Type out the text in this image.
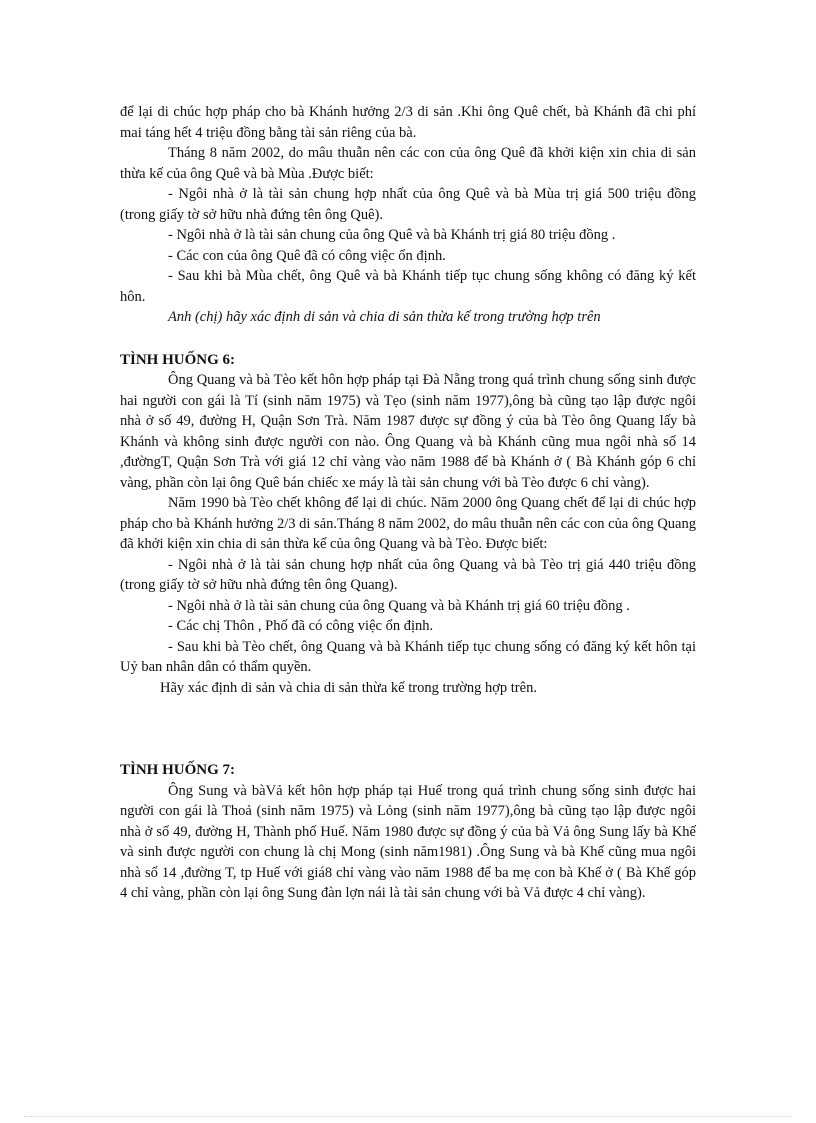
để lại di chúc hợp pháp cho bà Khánh hưởng 2/3 di sản .Khi ông Quê chết, bà Khánh đã chi phí mai táng hết 4 triệu đồng bằng tài sản riêng của bà.

Tháng 8 năm 2002, do mâu thuẫn nên các con của ông Quê đã khởi kiện xin chia di sản thừa kế của ông Quê và bà Mùa .Được biết:

- Ngôi nhà ở là tài sản chung hợp nhất của ông Quê và bà Mùa trị giá 500 triệu đồng (trong giấy tờ sở hữu nhà đứng tên ông Quê).

- Ngôi nhà ở là tài sản chung của ông Quê và bà Khánh trị giá 80 triệu đồng .

- Các con của ông Quê đã có công việc ổn định.

- Sau khi bà Mùa chết, ông Quê và bà Khánh tiếp tục chung sống không có đăng ký kết hôn.

Anh (chị) hãy xác định di sản và chia di sản thừa kế trong trường hợp trên

TÌNH HUỐNG 6:

Ông Quang và bà Tèo kết hôn hợp pháp tại Đà Nẵng trong quá trình chung sống sinh được hai người con gái là Tí (sinh năm 1975) và Tẹo (sinh năm 1977),ông bà cũng tạo lập được ngôi nhà ở số 49, đường H, Quận Sơn Trà. Năm 1987 được sự đồng ý của bà Tèo ông Quang lấy bà Khánh và không sinh được người con nào. Ông Quang và bà Khánh cũng mua ngôi nhà số 14 ,đườngT, Quận Sơn Trà với giá 12 chỉ vàng vào năm 1988 để bà Khánh ở ( Bà Khánh góp 6 chỉ vàng, phần còn lại ông Quê bán chiếc xe máy là tài sản chung với bà Tèo được 6 chỉ vàng).

Năm 1990 bà Tèo chết không để lại di chúc. Năm 2000 ông Quang chết để lại di chúc hợp pháp cho bà Khánh hưởng 2/3 di sản.Tháng 8 năm 2002, do mâu thuẫn nên các con của ông Quang đã khởi kiện xin chia di sản thừa kế của ông Quang và bà Tèo. Được biết:

- Ngôi nhà ở là tài sản chung hợp nhất của ông Quang và bà Tèo trị giá 440 triệu đồng (trong giấy tờ sở hữu nhà đứng tên ông Quang).

- Ngôi nhà ở là tài sản chung của ông Quang và bà Khánh trị giá 60 triệu đồng .

- Các chị Thôn , Phố đã có công việc ổn định.

- Sau khi bà Tèo chết, ông Quang và bà Khánh tiếp tục chung sống có đăng ký kết hôn tại Uỷ ban nhân dân có thẩm quyền.

Hãy xác định di sản và chia di sản thừa kế trong trường hợp trên.

TÌNH HUỐNG 7:

Ông Sung và bàVả kết hôn hợp pháp tại Huế trong quá trình chung sống sinh được hai người con gái là Thoả (sinh năm 1975) và Lỏng (sinh năm 1977),ông bà cũng tạo lập được ngôi nhà ở số 49, đường H, Thành phố Huế. Năm 1980 được sự đồng ý của bà Vả ông Sung lấy bà Khế và sinh được người con chung là chị Mong (sinh năm1981) .Ông Sung và bà Khế cũng mua ngôi nhà số 14 ,đường T, tp Huế với giá8 chỉ vàng vào năm 1988 để ba mẹ con bà Khế ở ( Bà Khế góp 4 chỉ vàng, phần còn lại ông Sung đàn lợn nái là tài sản chung với bà Vả được 4 chỉ vàng).
